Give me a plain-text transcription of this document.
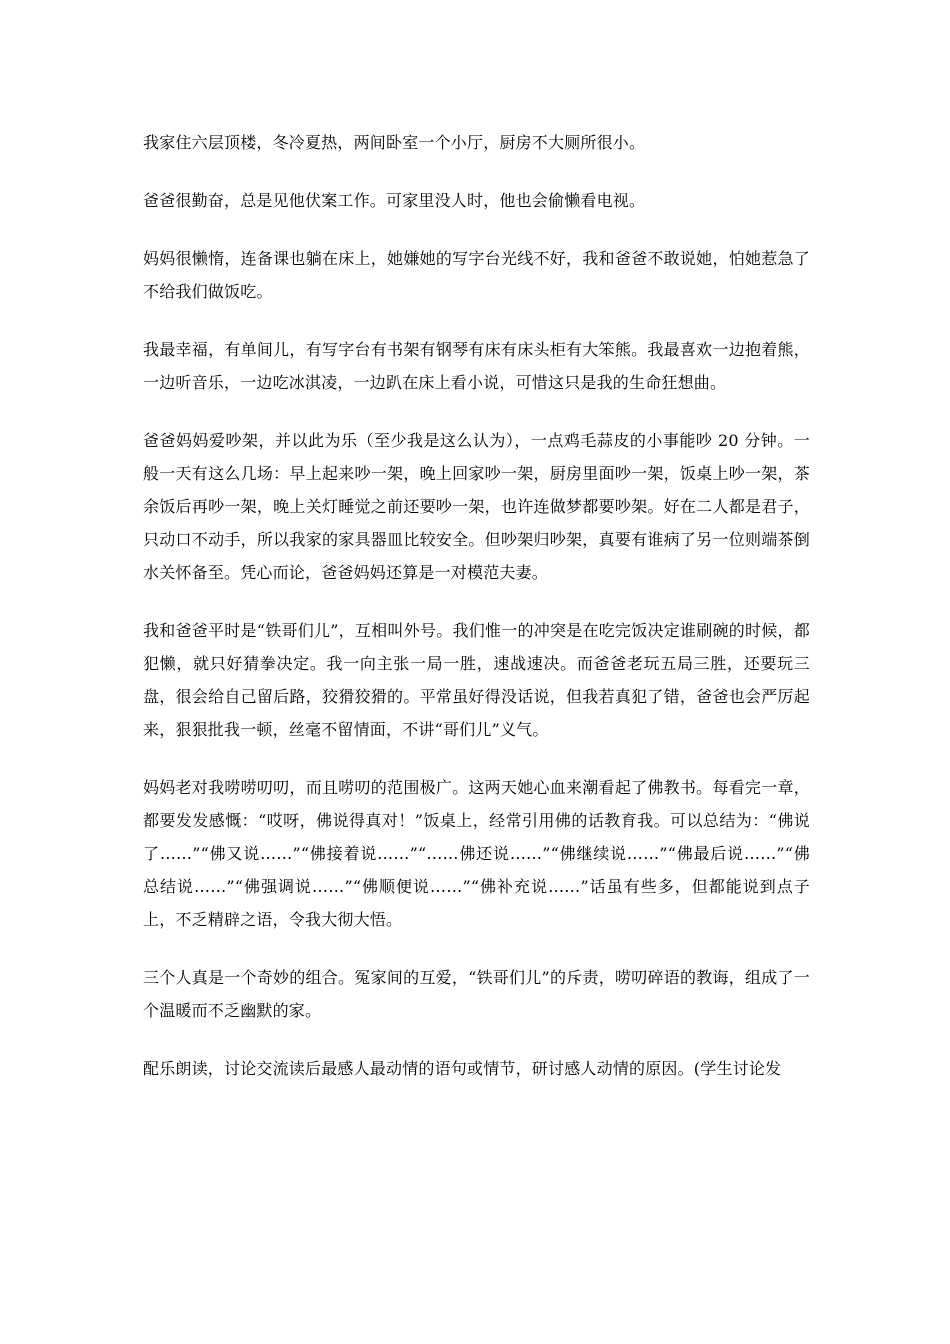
我家住六层顶楼，冬冷夏热，两间卧室一个小厅，厨房不大厕所很小。

爸爸很勤奋，总是见他伏案工作。可家里没人时，他也会偷懒看电视。

妈妈很懒惰，连备课也躺在床上，她嫌她的写字台光线不好，我和爸爸不敢说她，怕她惹急了不给我们做饭吃。

我最幸福，有单间儿，有写字台有书架有钢琴有床有床头柜有大笨熊。我最喜欢一边抱着熊，一边听音乐，一边吃冰淇凌，一边趴在床上看小说，可惜这只是我的生命狂想曲。

爸爸妈妈爱吵架，并以此为乐（至少我是这么认为），一点鸡毛蒜皮的小事能吵 20 分钟。一般一天有这么几场：早上起来吵一架，晚上回家吵一架，厨房里面吵一架，饭桌上吵一架，茶余饭后再吵一架，晚上关灯睡觉之前还要吵一架，也许连做梦都要吵架。好在二人都是君子，只动口不动手，所以我家的家具器皿比较安全。但吵架归吵架，真要有谁病了另一位则端茶倒水关怀备至。凭心而论，爸爸妈妈还算是一对模范夫妻。

我和爸爸平时是“铁哥们儿”，互相叫外号。我们惟一的冲突是在吃完饭决定谁刷碗的时候，都犯懒，就只好猜拳决定。我一向主张一局一胜，速战速决。而爸爸老玩五局三胜，还要玩三盘，很会给自己留后路，狡猾狡猾的。平常虽好得没话说，但我若真犯了错，爸爸也会严厉起来，狠狠批我一顿，丝毫不留情面，不讲“哥们儿”义气。

妈妈老对我唠唠叨叨，而且唠叨的范围极广。这两天她心血来潮看起了佛教书。每看完一章，都要发发感慨：“哎呀，佛说得真对！”饭桌上，经常引用佛的话教育我。可以总结为：“佛说了……”“佛又说……”“佛接着说……”“……佛还说……”“佛继续说……”“佛最后说……”“佛总结说……”“佛强调说……”“佛顺便说……”“佛补充说……”话虽有些多，但都能说到点子上，不乏精辟之语，令我大彻大悟。

三个人真是一个奇妙的组合。冤家间的互爱，“铁哥们儿”的斥责，唠叨碎语的教诲，组成了一个温暖而不乏幽默的家。

配乐朗读，讨论交流读后最感人最动情的语句或情节，研讨感人动情的原因。(学生讨论发
